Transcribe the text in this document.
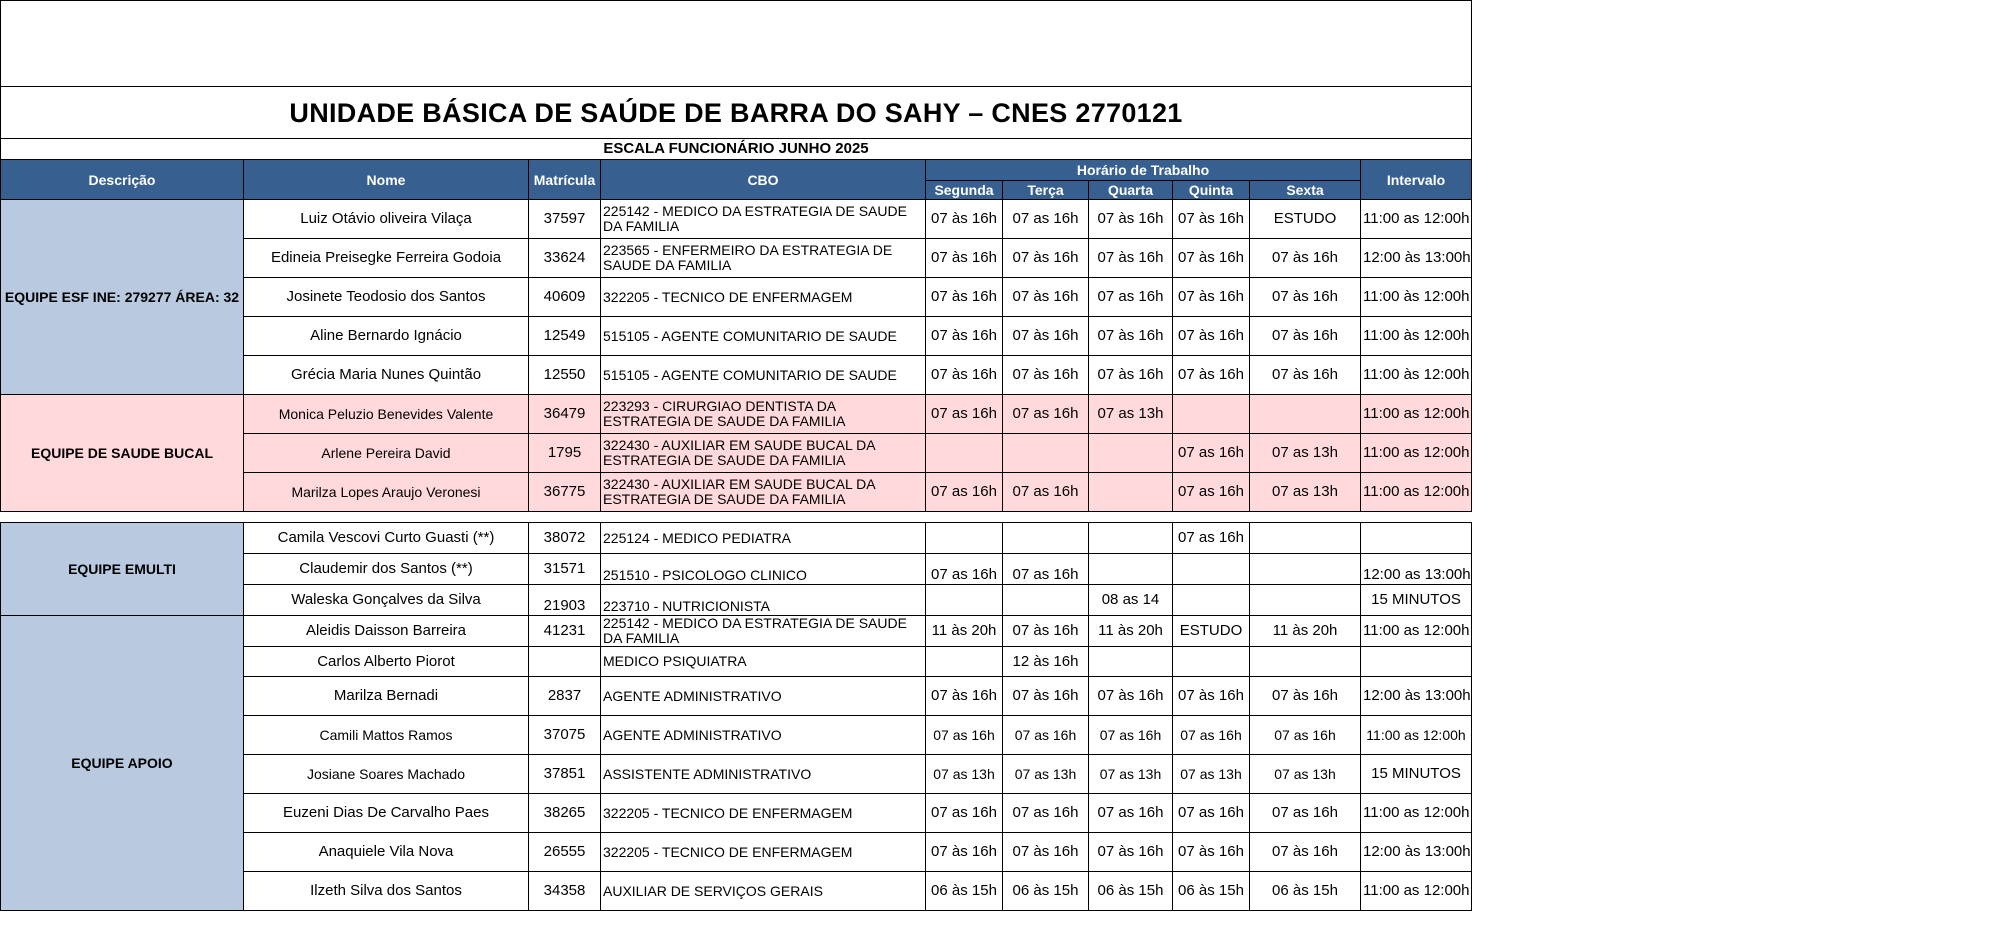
UNIDADE BÁSICA DE SAÚDE DE BARRA DO SAHY – CNES 2770121									
ESCALA FUNCIONÁRIO JUNHO 2025									
Descrição	Nome	Matrícula	CBO	Horário de Trabalho					Intervalo
				Segunda	Terça	Quarta	Quinta	Sexta	
EQUIPE ESF INE: 279277 ÁREA: 32	Luiz Otávio oliveira Vilaça	37597	225142 - MEDICO DA ESTRATEGIA DE SAUDE DA FAMILIA	07 às 16h	07 as 16h	07 às 16h	07 às 16h	ESTUDO	11:00 as 12:00h
	Edineia Preisegke Ferreira Godoia	33624	223565 - ENFERMEIRO DA ESTRATEGIA DE SAUDE DA FAMILIA	07 às 16h	07 às 16h	07 às 16h	07 às 16h	07 às 16h	12:00 às 13:00h
	Josinete Teodosio dos Santos	40609	322205 - TECNICO DE ENFERMAGEM	07 às 16h	07 às 16h	07 as 16h	07 às 16h	07 às 16h	11:00 às 12:00h
	Aline Bernardo Ignácio	12549	515105 - AGENTE COMUNITARIO DE SAUDE	07 às 16h	07 às 16h	07 às 16h	07 às 16h	07 às 16h	11:00 às 12:00h
	Grécia Maria Nunes Quintão	12550	515105 - AGENTE COMUNITARIO DE SAUDE	07 às 16h	07 às 16h	07 às 16h	07 às 16h	07 às 16h	11:00 às 12:00h
EQUIPE DE SAUDE BUCAL	Monica Peluzio Benevides Valente	36479	223293 - CIRURGIAO DENTISTA DA ESTRATEGIA DE SAUDE DA FAMILIA	07 as 16h	07 as 16h	07 as 13h			11:00 as 12:00h
	Arlene Pereira David	1795	322430 - AUXILIAR EM SAUDE BUCAL DA ESTRATEGIA DE SAUDE DA FAMILIA				07 as 16h	07 as 13h	11:00 as 12:00h
	Marilza Lopes Araujo Veronesi	36775	322430 - AUXILIAR EM SAUDE BUCAL DA ESTRATEGIA DE SAUDE DA FAMILIA	07 as 16h	07 as 16h		07 as 16h	07 as 13h	11:00 as 12:00h

EQUIPE EMULTI	Camila Vescovi Curto Guasti (**)	38072	225124 - MEDICO PEDIATRA				07 as 16h		
	Claudemir dos Santos (**)	31571	251510 - PSICOLOGO CLINICO	07 as 16h	07 as 16h				12:00 as 13:00h
	Waleska Gonçalves da Silva	21903	223710 - NUTRICIONISTA			08 as 14			15 MINUTOS
EQUIPE APOIO	Aleidis Daisson Barreira	41231	225142 - MEDICO DA ESTRATEGIA DE SAUDE DA FAMILIA	11 às 20h	07 às 16h	11 às 20h	ESTUDO	11 às 20h	11:00 as 12:00h
	Carlos Alberto Piorot		MEDICO PSIQUIATRA		12 às 16h				
	Marilza Bernadi	2837	AGENTE ADMINISTRATIVO	07 às 16h	07 às 16h	07 às 16h	07 às 16h	07 às 16h	12:00 às 13:00h
	Camili Mattos Ramos	37075	AGENTE ADMINISTRATIVO	07 as 16h	07 as 16h	07 as 16h	07 as 16h	07 as 16h	11:00 as 12:00h
	Josiane Soares Machado	37851	ASSISTENTE ADMINISTRATIVO	07 as 13h	07 as 13h	07 as 13h	07 as 13h	07 as 13h	15 MINUTOS
	Euzeni Dias De Carvalho Paes	38265	322205 - TECNICO DE ENFERMAGEM	07 as 16h	07 as 16h	07 as 16h	07 as 16h	07 as 16h	11:00 as 12:00h
	Anaquiele Vila Nova	26555	322205 - TECNICO DE ENFERMAGEM	07 às 16h	07 às 16h	07 às 16h	07 às 16h	07 às 16h	12:00 às 13:00h
	Ilzeth Silva dos Santos	34358	AUXILIAR DE SERVIÇOS GERAIS	06 às 15h	06 às 15h	06 às 15h	06 às 15h	06 às 15h	11:00 as 12:00h
